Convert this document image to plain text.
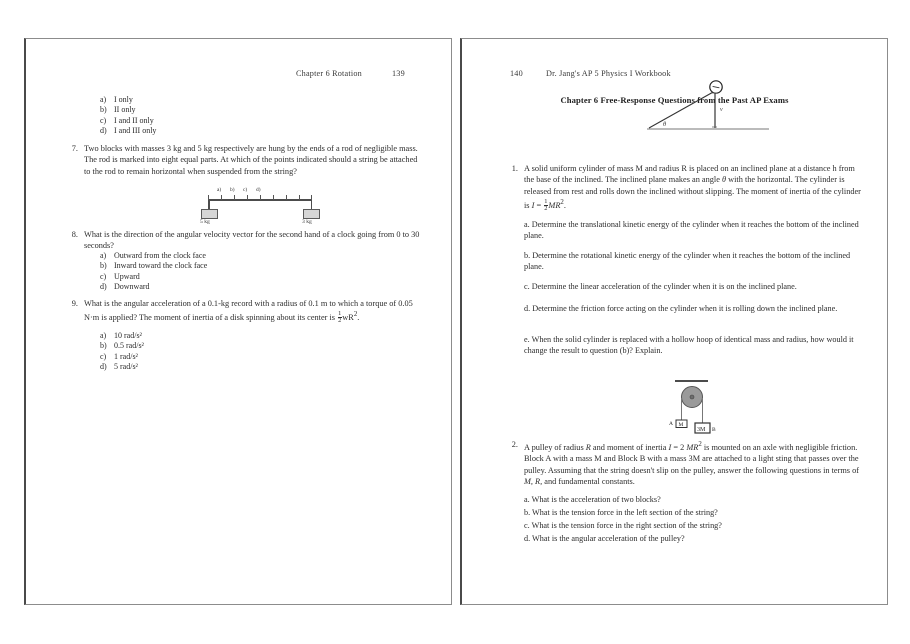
Chapter 6 Rotation	139
a) I only
b) II only
c) I and II only
d) I and III only
7. Two blocks with masses 3 kg and 5 kg respectively are hung by the ends of a rod of negligible mass. The rod is marked into eight equal parts. At which of the points indicated should a string be attached to the rod to remain horizontal when suspended from the string?
a) b) c) d)
5 kg	3 kg
8. What is the direction of the angular velocity vector for the second hand of a clock going from 0 to 30 seconds?
a) Outward from the clock face
b) Inward toward the clock face
c) Upward
d) Downward
9. What is the angular acceleration of a 0.1-kg record with a radius of 0.1 m to which a torque of 0.05 N·m is applied? The moment of inertia of a disk spinning about its center is $\frac{1}{2} wR^2$.
a) 10 rad/s²
b) 0.5 rad/s²
c) 1 rad/s²
d) 5 rad/s²
140	Dr. Jang's AP 5 Physics I Workbook
Chapter 6 Free-Response Questions from the Past AP Exams
θ
v
1. A solid uniform cylinder of mass M and radius R is placed on an inclined plane at a distance h from the base of the inclined. The inclined plane makes an angle θ with the horizontal. The cylinder is released from rest and rolls down the inclined without slipping. The moment of inertia of the cylinder is $I = \frac{1}{2} MR^2$.
a. Determine the translational kinetic energy of the cylinder when it reaches the bottom of the inclined plane.
b. Determine the rotational kinetic energy of the cylinder when it reaches the bottom of the inclined plane.
c. Determine the linear acceleration of the cylinder when it is on the inclined plane.
d. Determine the friction force acting on the cylinder when it is rolling down the inclined plane.
e. When the solid cylinder is replaced with a hollow hoop of identical mass and radius, how would it change the result to question (b)? Explain.
M
3M
A
B
2. A pulley of radius R and moment of inertia I = 2 $MR^2$ is mounted on an axle with negligible friction. Block A with a mass M and Block B with a mass 3M are attached to a light sting that passes over the pulley. Assuming that the string doesn't slip on the pulley, answer the following questions in terms of M, R, and fundamental constants.
a. What is the acceleration of two blocks?
b. What is the tension force in the left section of the string?
c. What is the tension force in the right section of the string?
d. What is the angular acceleration of the pulley?
